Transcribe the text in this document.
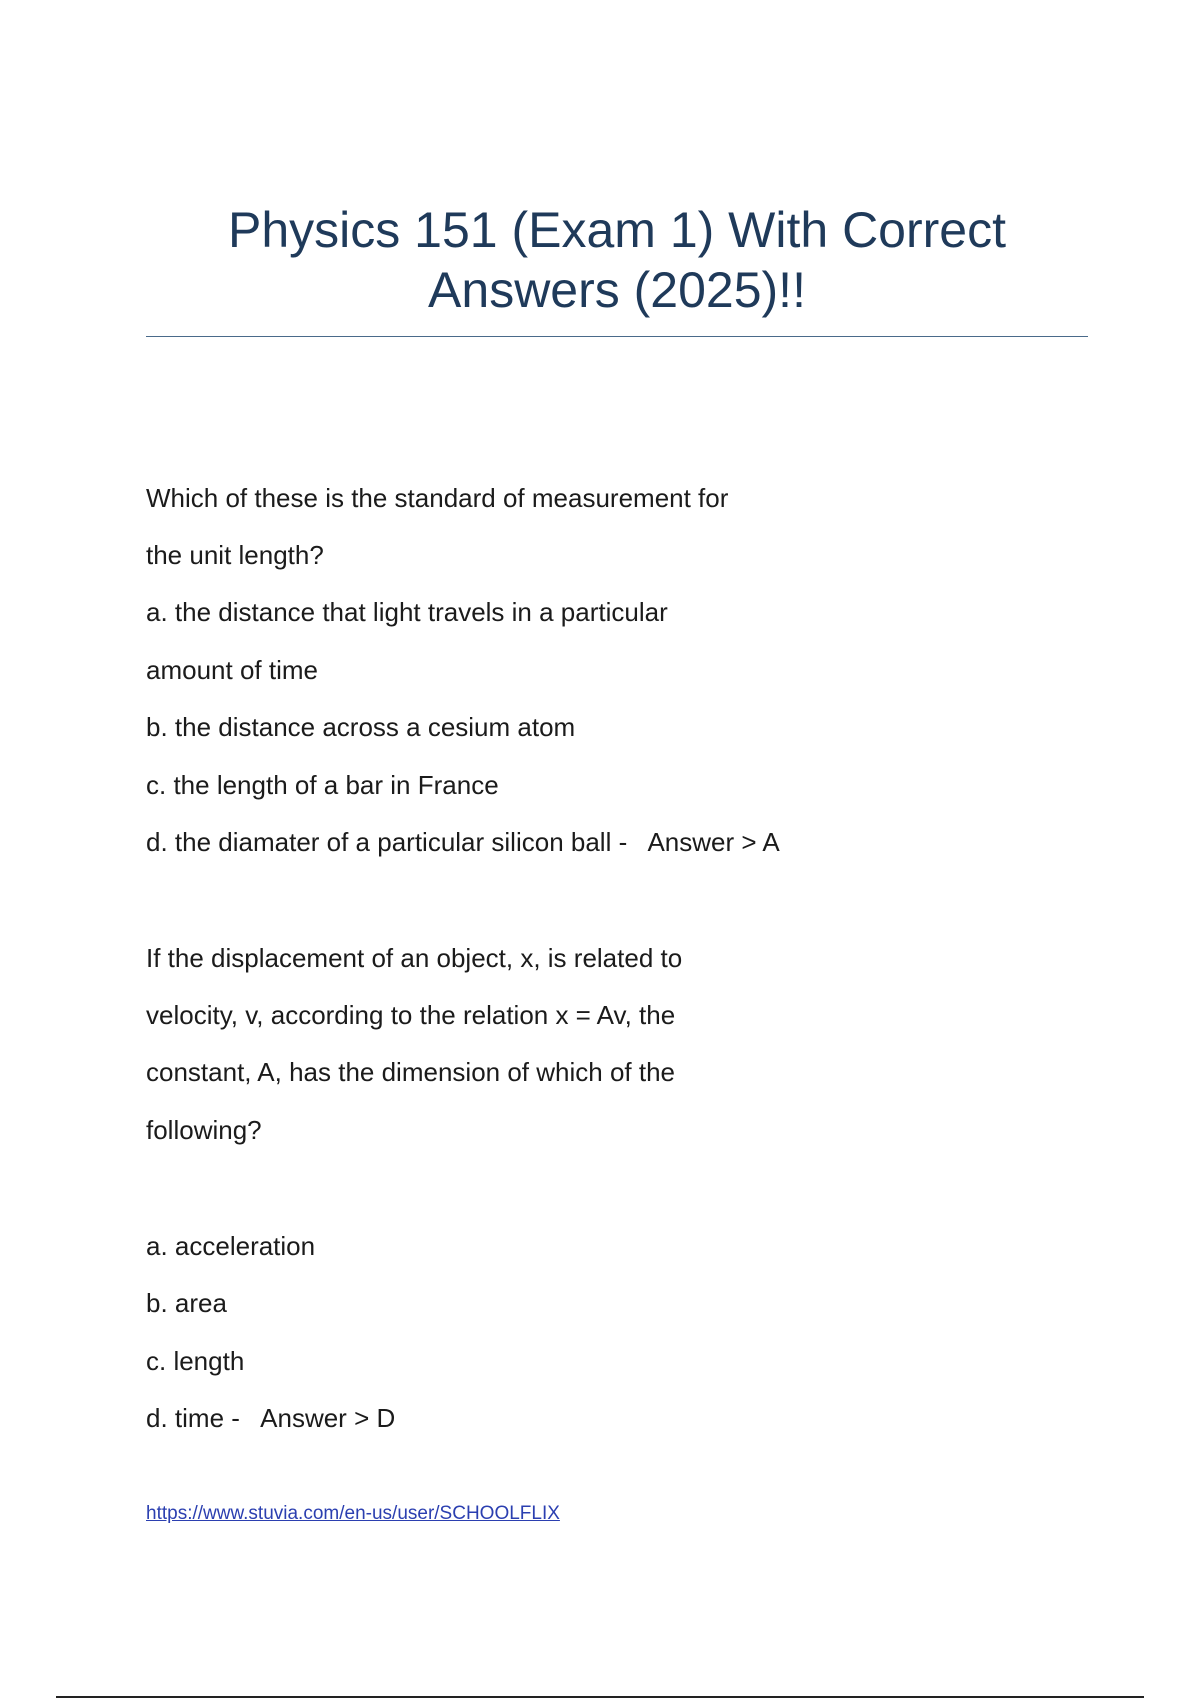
Physics 151 (Exam 1) With Correct
Answers (2025)!!
Which of these is the standard of measurement for
the unit length?
a. the distance that light travels in a particular
amount of time
b. the distance across a cesium atom
c. the length of a bar in France
d. the diamater of a particular silicon ball -   Answer > A
If the displacement of an object, x, is related to
velocity, v, according to the relation x = Av, the
constant, A, has the dimension of which of the
following?
a. acceleration
b. area
c. length
d. time -   Answer > D
https://www.stuvia.com/en-us/user/SCHOOLFLIX
